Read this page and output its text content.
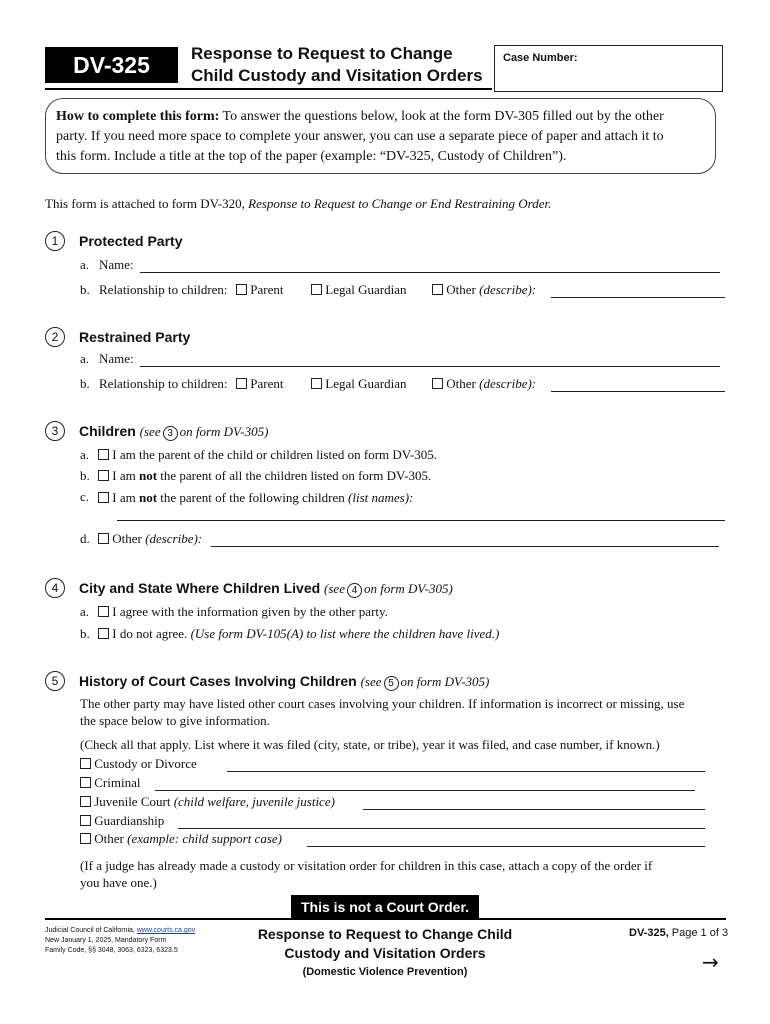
DV-325	Response to Request to Change
Child Custody and Visitation Orders
Case Number:
How to complete this form: To answer the questions below, look at the form DV-305 filled out by the other
party. If you need more space to complete your answer, you can use a separate piece of paper and attach it to
this form. Include a title at the top of the paper (example: “DV-325, Custody of Children”).
This form is attached to form DV-320, Response to Request to Change or End Restraining Order.
1	Protected Party
a. Name:
b. Relationship to children:	Parent	Legal Guardian	Other (describe):
2	Restrained Party
a. Name:
b. Relationship to children:	Parent	Legal Guardian	Other (describe):
3	Children (see 3 on form DV-305)
a.	I am the parent of the child or children listed on form DV-305.
b.	I am not the parent of all the children listed on form DV-305.
c.	I am not the parent of the following children (list names):
d.	Other (describe):
4	City and State Where Children Lived (see 4 on form DV-305)
a.	I agree with the information given by the other party.
b.	I do not agree. (Use form DV-105(A) to list where the children have lived.)
5	History of Court Cases Involving Children (see 5 on form DV-305)
The other party may have listed other court cases involving your children. If information is incorrect or missing, use
the space below to give information.
(Check all that apply. List where it was filed (city, state, or tribe), year it was filed, and case number, if known.)
Custody or Divorce
Criminal
Juvenile Court (child welfare, juvenile justice)
Guardianship
Other (example: child support case)
(If a judge has already made a custody or visitation order for children in this case, attach a copy of the order if
you have one.)
This is not a Court Order.
Judicial Council of California, www.courts.ca.gov
New January 1, 2025, Mandatory Form
Family Code, §§ 3048, 3063, 6323, 6323.5
Response to Request to Change Child
Custody and Visitation Orders
(Domestic Violence Prevention)
DV-325, Page 1 of 3
→
